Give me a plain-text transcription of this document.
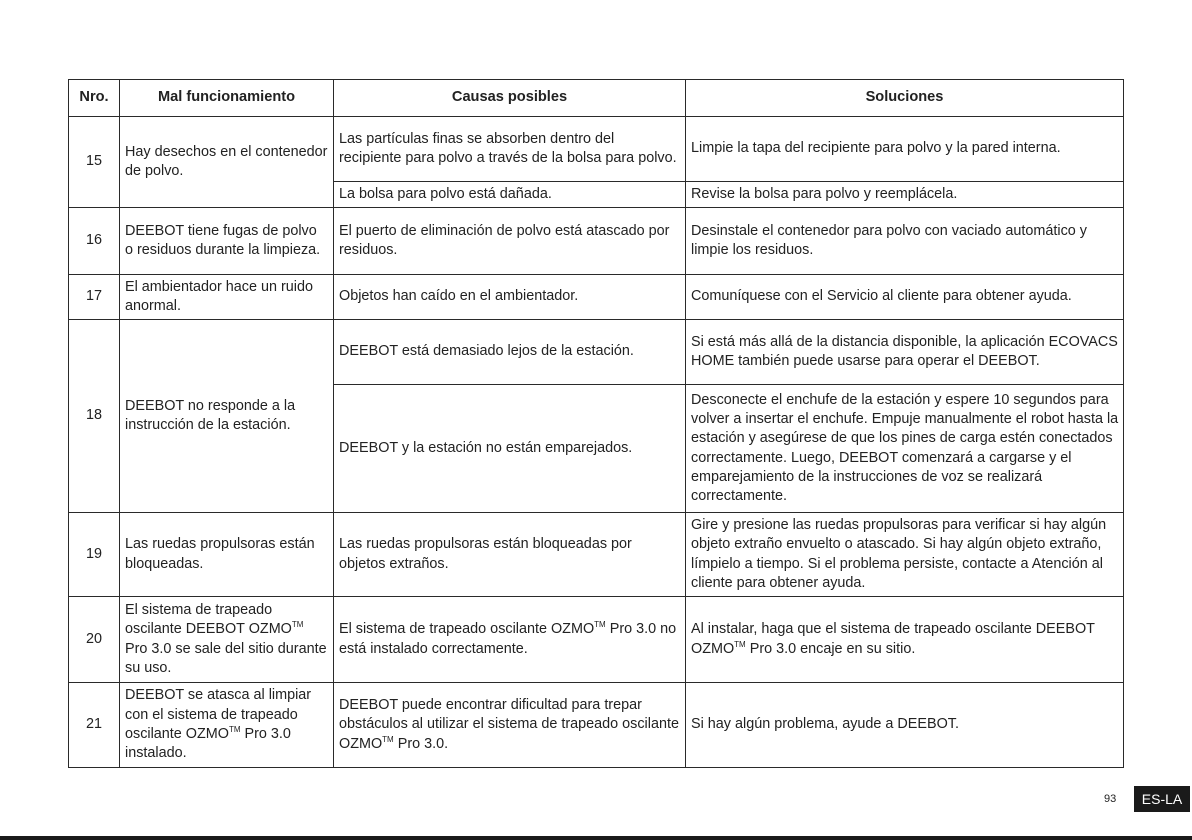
Nro.	Mal funcionamiento	Causas posibles	Soluciones
15	Hay desechos en el contenedor de polvo.	Las partículas finas se absorben dentro del recipiente para polvo a través de la bolsa para polvo.	Limpie la tapa del recipiente para polvo y la pared interna.
		La bolsa para polvo está dañada.	Revise la bolsa para polvo y reemplácela.
16	DEEBOT tiene fugas de polvo o residuos durante la limpieza.	El puerto de eliminación de polvo está atascado por residuos.	Desinstale el contenedor para polvo con vaciado automático y limpie los residuos.
17	El ambientador hace un ruido anormal.	Objetos han caído en el ambientador.	Comuníquese con el Servicio al cliente para obtener ayuda.
18	DEEBOT no responde a la instrucción de la estación.	DEEBOT está demasiado lejos de la estación.	Si está más allá de la distancia disponible, la aplicación ECOVACS HOME también puede usarse para operar el DEEBOT.
		DEEBOT y la estación no están emparejados.	Desconecte el enchufe de la estación y espere 10 segundos para volver a insertar el enchufe. Empuje manualmente el robot hasta la estación y asegúrese de que los pines de carga estén conectados correctamente. Luego, DEEBOT comenzará a cargarse y el emparejamiento de la instrucciones de voz se realizará correctamente.
19	Las ruedas propulsoras están bloqueadas.	Las ruedas propulsoras están bloqueadas por objetos extraños.	Gire y presione las ruedas propulsoras para verificar si hay algún objeto extraño envuelto o atascado. Si hay algún objeto extraño, límpielo a tiempo. Si el problema persiste, contacte a Atención al cliente para obtener ayuda.
20	El sistema de trapeado oscilante DEEBOT OZMO™ Pro 3.0 se sale del sitio durante su uso.	El sistema de trapeado oscilante OZMO™ Pro 3.0 no está instalado correctamente.	Al instalar, haga que el sistema de trapeado oscilante DEEBOT OZMO™ Pro 3.0 encaje en su sitio.
21	DEEBOT se atasca al limpiar con el sistema de trapeado oscilante OZMO™ Pro 3.0 instalado.	DEEBOT puede encontrar dificultad para trepar obstáculos al utilizar el sistema de trapeado oscilante OZMO™ Pro 3.0.	Si hay algún problema, ayude a DEEBOT.
93	ES-LA
